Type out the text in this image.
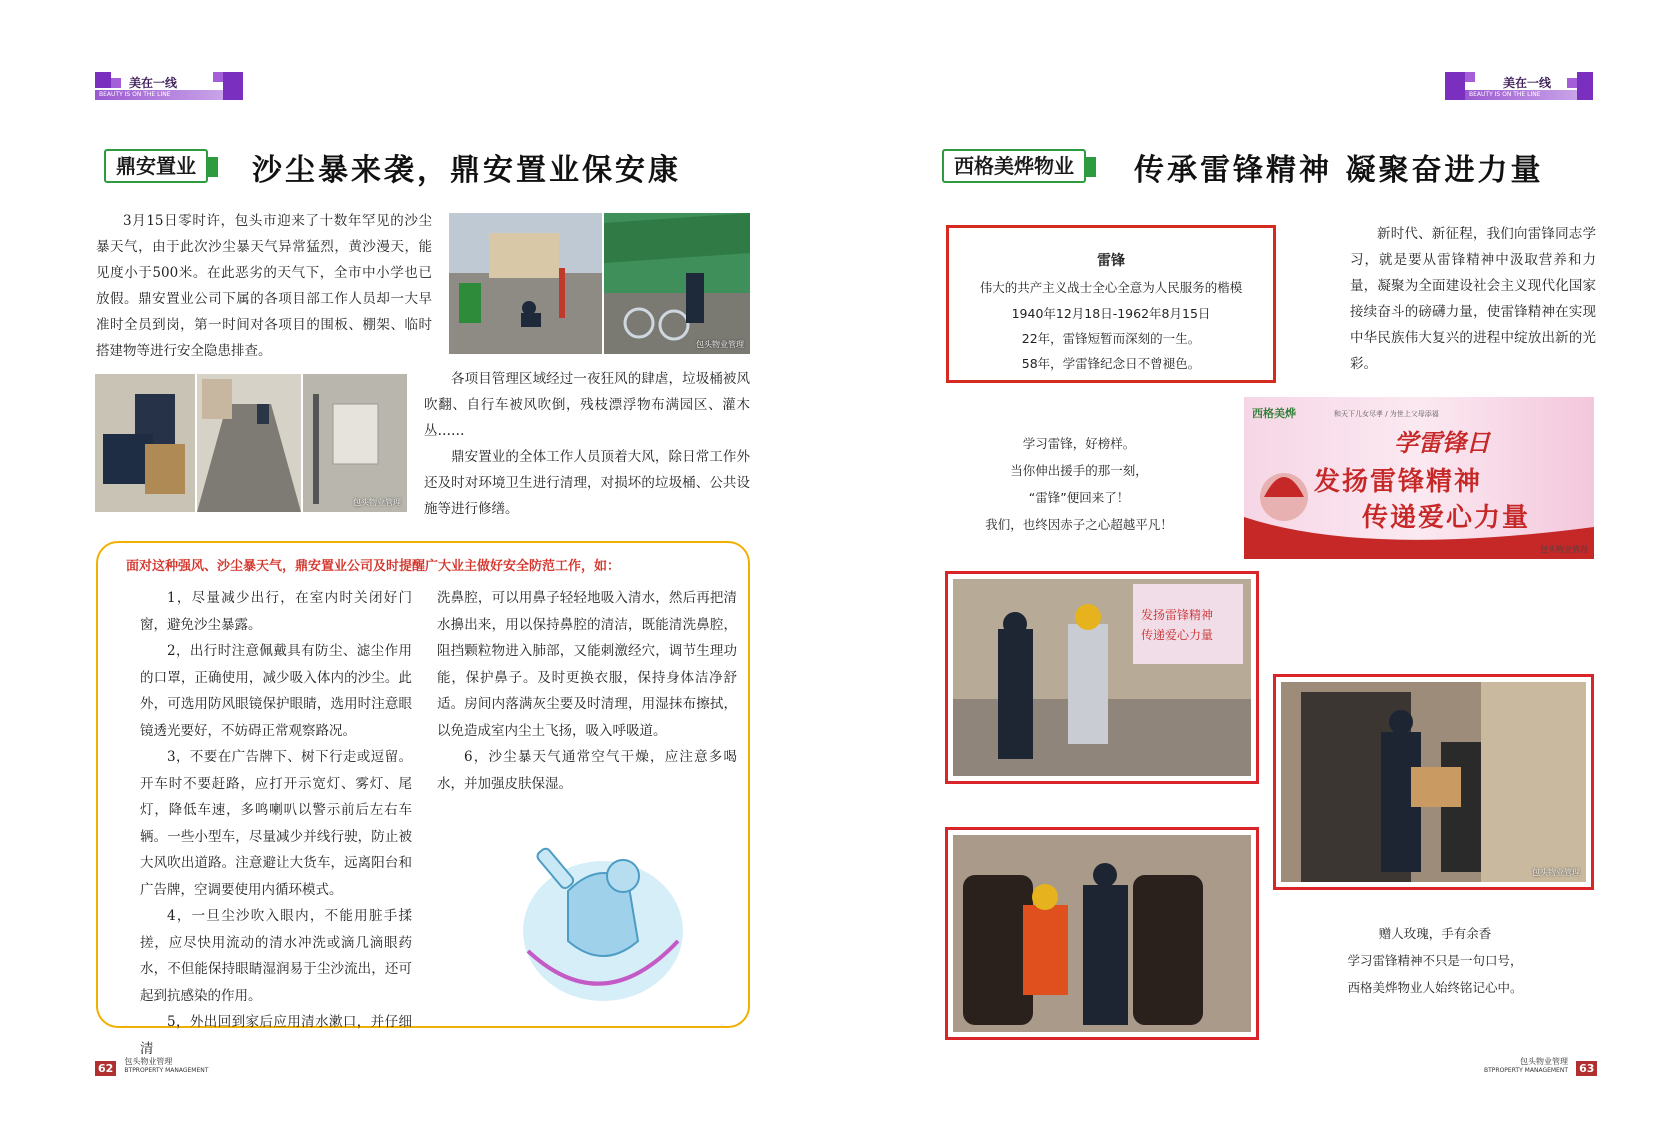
美在一线
BEAUTY IS ON THE LINE
鼎安置业	沙尘暴来袭，鼎安置业保安康

3月15日零时许，包头市迎来了十数年罕见的沙尘暴天气，由于此次沙尘暴天气异常猛烈，黄沙漫天，能见度小于500米。在此恶劣的天气下，全市中小学也已放假。鼎安置业公司下属的各项目部工作人员却一大早准时全员到岗，第一时间对各项目的围板、棚架、临时搭建物等进行安全隐患排查。	包头物业管理
包头物业管理

各项目管理区域经过一夜狂风的肆虐，垃圾桶被风吹翻、自行车被风吹倒，残枝漂浮物布满园区、灌木丛……

鼎安置业的全体工作人员顶着大风，除日常工作外还及时对环境卫生进行清理，对损坏的垃圾桶、公共设施等进行修缮。

面对这种强风、沙尘暴天气，鼎安置业公司及时提醒广大业主做好安全防范工作，如：

1，尽量减少出行，在室内时关闭好门窗，避免沙尘暴露。

2，出行时注意佩戴具有防尘、滤尘作用的口罩，正确使用，减少吸入体内的沙尘。此外，可选用防风眼镜保护眼睛，选用时注意眼镜透光要好，不妨碍正常观察路况。

3，不要在广告牌下、树下行走或逗留。开车时不要赶路，应打开示宽灯、雾灯、尾灯，降低车速，多鸣喇叭以警示前后左右车辆。一些小型车，尽量减少并线行驶，防止被大风吹出道路。注意避让大货车，远离阳台和广告牌，空调要使用内循环模式。

4，一旦尘沙吹入眼内，不能用脏手揉搓，应尽快用流动的清水冲洗或滴几滴眼药水，不但能保持眼睛湿润易于尘沙流出，还可起到抗感染的作用。

5，外出回到家后应用清水漱口，并仔细清

洗鼻腔，可以用鼻子轻轻地吸入清水，然后再把清水擤出来，用以保持鼻腔的清洁，既能清洗鼻腔，阻挡颗粒物进入肺部，又能刺激经穴，调节生理功能，保护鼻子。及时更换衣服，保持身体洁净舒适。房间内落满灰尘要及时清理，用湿抹布擦拭，以免造成室内尘土飞扬，吸入呼吸道。

6，沙尘暴天气通常空气干燥，应注意多喝水，并加强皮肤保湿。

62
包头物业管理
BTPROPERTY MANAGEMENT
美在一线
BEAUTY IS ON THE LINE
西格美烨物业	传承雷锋精神 凝聚奋进力量
雷锋
伟大的共产主义战士全心全意为人民服务的楷模
1940年12月18日-1962年8月15日
22年，雷锋短暂而深刻的一生。
58年，学雷锋纪念日不曾褪色。

新时代、新征程，我们向雷锋同志学习，就是要从雷锋精神中汲取营养和力量，凝聚为全面建设社会主义现代化国家接续奋斗的磅礴力量，使雷锋精神在实现中华民族伟大复兴的进程中绽放出新的光彩。

学习雷锋，好榜样。
当你伸出援手的那一刻，
“雷锋”便回来了！
我们，也终因赤子之心超越平凡！
西格美烨	和天下儿女尽孝 / 为世上父母添福
学雷锋日
发扬雷锋精神
传递爱心力量
包头物业管理
发扬雷锋精神
传递爱心力量
包头物业管理
赠人玫瑰，手有余香
学习雷锋精神不只是一句口号，
西格美烨物业人始终铭记心中。
包头物业管理
BTPROPERTY MANAGEMENT 63
